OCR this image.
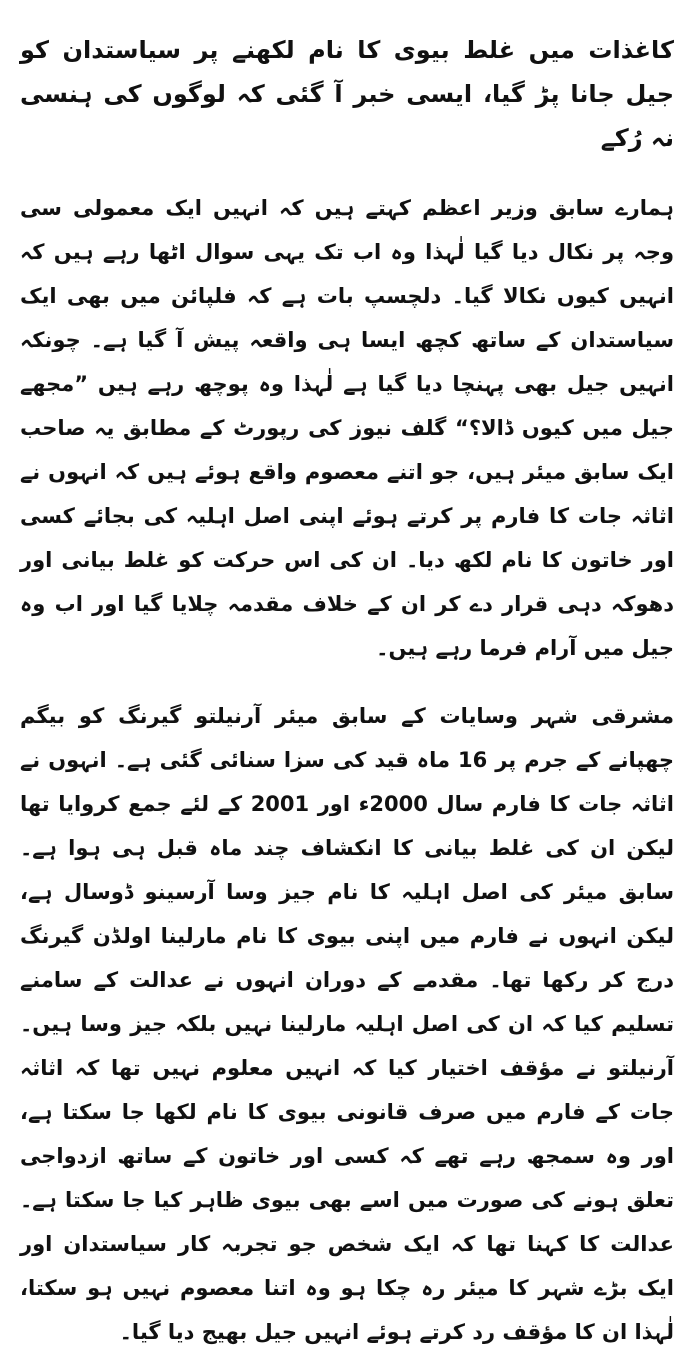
کاغذات میں غلط بیوی کا نام لکھنے پر سیاستدان کو جیل جانا پڑ گیا، ایسی خبر آ گئی کہ لوگوں کی ہنسی نہ رُکے

ہمارے سابق وزیر اعظم کہتے ہیں کہ انہیں ایک معمولی سی وجہ پر نکال دیا گیا لٰہذا وہ اب تک یہی سوال اٹھا رہے ہیں کہ انہیں کیوں نکالا گیا۔ دلچسپ بات ہے کہ فلپائن میں بھی ایک سیاستدان کے ساتھ کچھ ایسا ہی واقعہ پیش آ گیا ہے۔ چونکہ انہیں جیل بھی پہنچا دیا گیا ہے لٰہذا وہ پوچھ رہے ہیں ”مجھے جیل میں کیوں ڈالا؟“ گلف نیوز کی رپورٹ کے مطابق یہ صاحب ایک سابق میئر ہیں، جو اتنے معصوم واقع ہوئے ہیں کہ انہوں نے اثاثہ جات کا فارم پر کرتے ہوئے اپنی اصل اہلیہ کی بجائے کسی اور خاتون کا نام لکھ دیا۔ ان کی اس حرکت کو غلط بیانی اور دھوکہ دہی قرار دے کر ان کے خلاف مقدمہ چلایا گیا اور اب وہ جیل میں آرام فرما رہے ہیں۔

مشرقی شہر وسایات کے سابق میئر آرنیلتو گیرنگ کو بیگم چھپانے کے جرم پر 16 ماہ قید کی سزا سنائی گئی ہے۔ انہوں نے اثاثہ جات کا فارم سال 2000ء اور 2001 کے لئے جمع کروایا تھا لیکن ان کی غلط بیانی کا انکشاف چند ماہ قبل ہی ہوا ہے۔ سابق میئر کی اصل اہلیہ کا نام جیز وسا آرسینو ڈوسال ہے، لیکن انہوں نے فارم میں اپنی بیوی کا نام مارلینا اولڈن گیرنگ درج کر رکھا تھا۔ مقدمے کے دوران انہوں نے عدالت کے سامنے تسلیم کیا کہ ان کی اصل اہلیہ مارلینا نہیں بلکہ جیز وسا ہیں۔ آرنیلتو نے مؤقف اختیار کیا کہ انہیں معلوم نہیں تھا کہ اثاثہ جات کے فارم میں صرف قانونی بیوی کا نام لکھا جا سکتا ہے، اور وہ سمجھ رہے تھے کہ کسی اور خاتون کے ساتھ ازدواجی تعلق ہونے کی صورت میں اسے بھی بیوی ظاہر کیا جا سکتا ہے۔ عدالت کا کہنا تھا کہ ایک شخص جو تجربہ کار سیاستدان اور ایک بڑے شہر کا میئر رہ چکا ہو وہ اتنا معصوم نہیں ہو سکتا، لٰہذا ان کا مؤقف رد کرتے ہوئے انہیں جیل بھیج دیا گیا۔
